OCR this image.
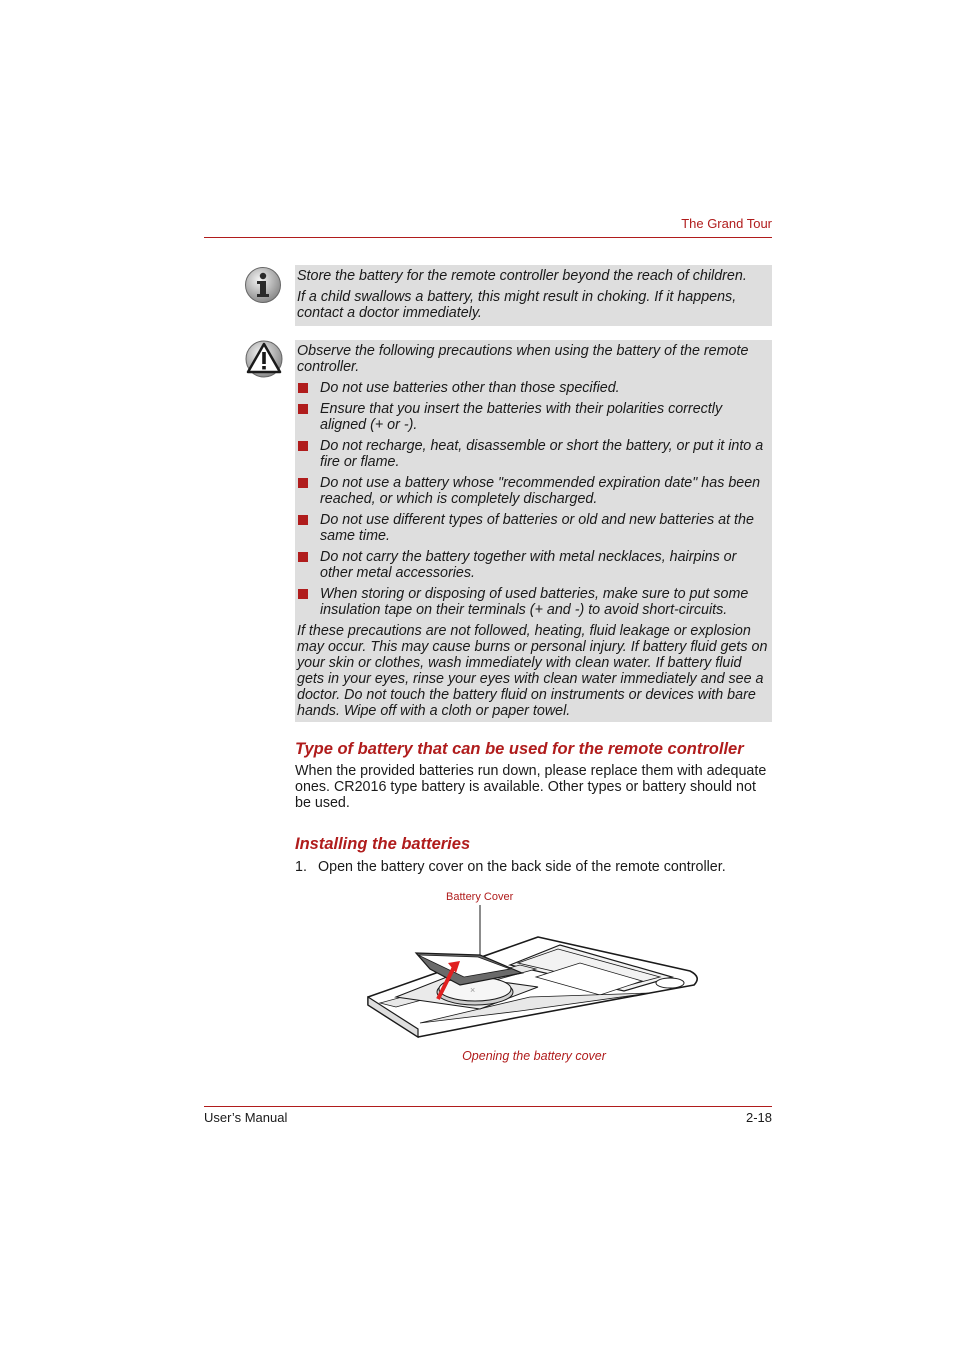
The Grand Tour

Store the battery for the remote controller beyond the reach of children.

If a child swallows a battery, this might result in choking. If it happens, contact a doctor immediately.

Observe the following precautions when using the battery of the remote controller.

Do not use batteries other than those specified.
Ensure that you insert the batteries with their polarities correctly aligned (+ or -).
Do not recharge, heat, disassemble or short the battery, or put it into a fire or flame.
Do not use a battery whose "recommended expiration date" has been reached, or which is completely discharged.
Do not use different types of batteries or old and new batteries at the same time.
Do not carry the battery together with metal necklaces, hairpins or other metal accessories.
When storing or disposing of used batteries, make sure to put some insulation tape on their terminals (+ and -) to avoid short-circuits.

If these precautions are not followed, heating, fluid leakage or explosion may occur. This may cause burns or personal injury. If battery fluid gets on your skin or clothes, wash immediately with clean water. If battery fluid gets in your eyes, rinse your eyes with clean water immediately and see a doctor. Do not touch the battery fluid on instruments or devices with bare hands. Wipe off with a cloth or paper towel.

Type of battery that can be used for the remote controller
When the provided batteries run down, please replace them with adequate ones. CR2016 type battery is available. Other types or battery should not be used.
Installing the batteries
1. Open the battery cover on the back side of the remote controller.
Battery Cover
×
Opening the battery cover
User’s Manual	2-18
